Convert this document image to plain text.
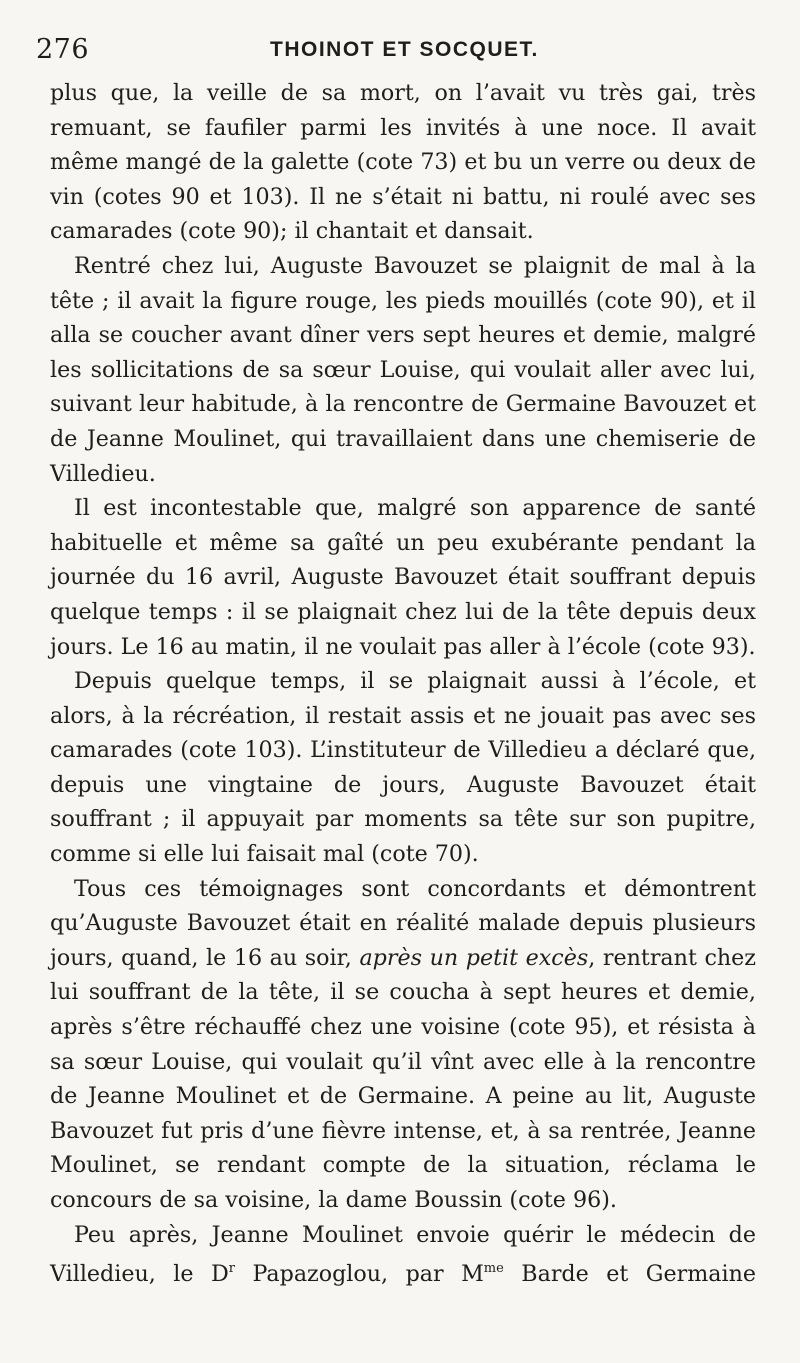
276	THOINOT ET SOCQUET.

plus que, la veille de sa mort, on l’avait vu très gai, très remuant, se faufiler parmi les invités à une noce. Il avait même mangé de la galette (cote 73) et bu un verre ou deux de vin (cotes 90 et 103). Il ne s’était ni battu, ni roulé avec ses camarades (cote 90); il chantait et dansait.

Rentré chez lui, Auguste Bavouzet se plaignit de mal à la tête ; il avait la figure rouge, les pieds mouillés (cote 90), et il alla se coucher avant dîner vers sept heures et demie, malgré les sollicitations de sa sœur Louise, qui voulait aller avec lui, suivant leur habitude, à la rencontre de Germaine Bavouzet et de Jeanne Moulinet, qui travaillaient dans une chemiserie de Villedieu.

Il est incontestable que, malgré son apparence de santé habituelle et même sa gaîté un peu exubérante pendant la journée du 16 avril, Auguste Bavouzet était souffrant depuis quelque temps : il se plaignait chez lui de la tête depuis deux jours. Le 16 au matin, il ne voulait pas aller à l’école (cote 93).

Depuis quelque temps, il se plaignait aussi à l’école, et alors, à la récréation, il restait assis et ne jouait pas avec ses camarades (cote 103). L’instituteur de Villedieu a déclaré que, depuis une vingtaine de jours, Auguste Bavouzet était souffrant ; il appuyait par moments sa tête sur son pupitre, comme si elle lui faisait mal (cote 70).

Tous ces témoignages sont concordants et démontrent qu’Auguste Bavouzet était en réalité malade depuis plusieurs jours, quand, le 16 au soir, après un petit excès, rentrant chez lui souffrant de la tête, il se coucha à sept heures et demie, après s’être réchauffé chez une voisine (cote 95), et résista à sa sœur Louise, qui voulait qu’il vînt avec elle à la rencontre de Jeanne Moulinet et de Germaine. A peine au lit, Auguste Bavouzet fut pris d’une fièvre intense, et, à sa rentrée, Jeanne Moulinet, se rendant compte de la situation, réclama le concours de sa voisine, la dame Boussin (cote 96).

Peu après, Jeanne Moulinet envoie quérir le médecin de Villedieu, le $D^r$ Papazoglou, par $M^{me}$ Barde et Germaine
